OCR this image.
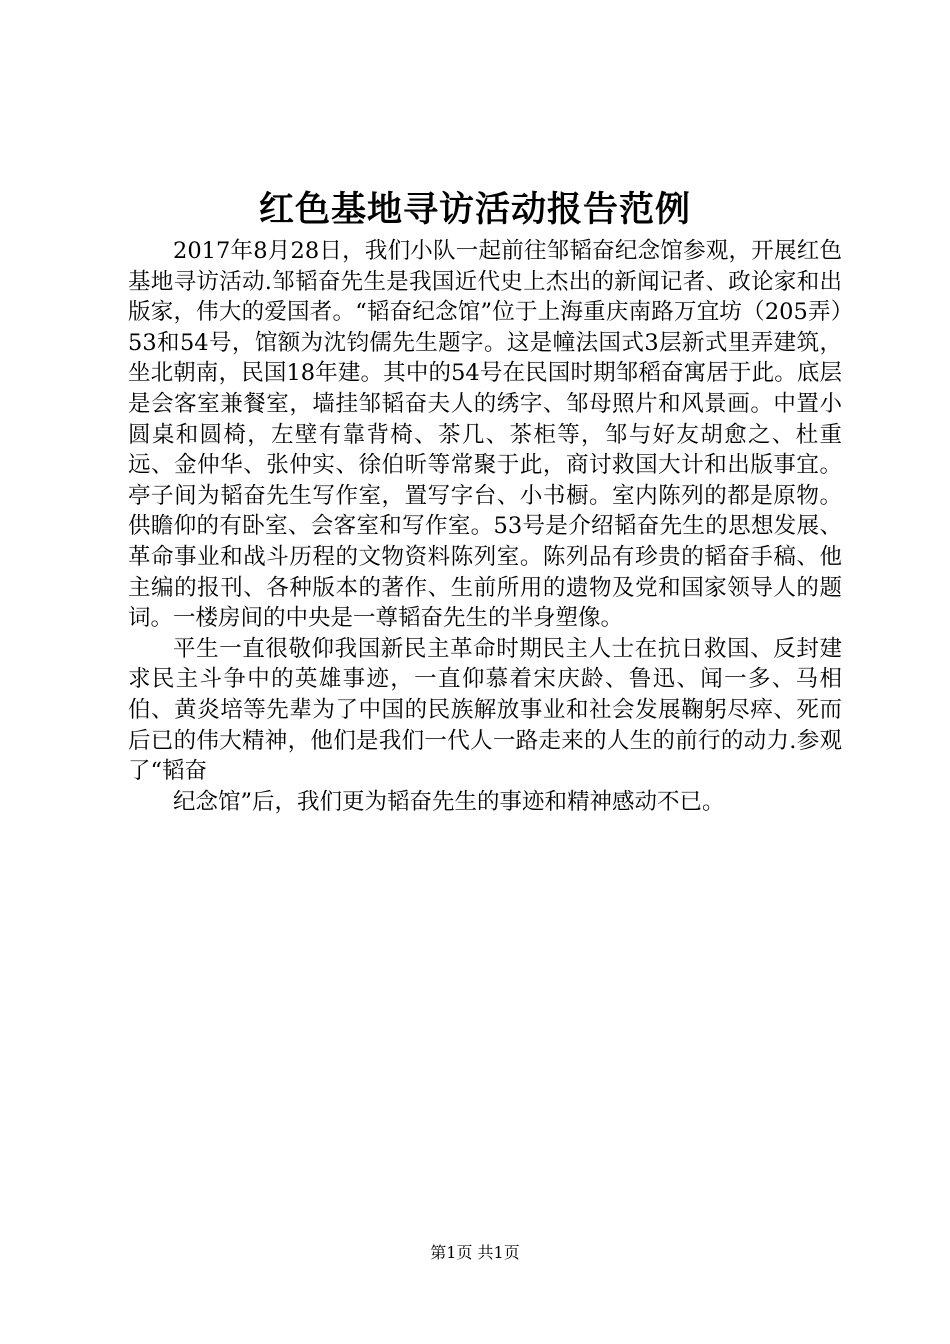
红色基地寻访活动报告范例

2017年8月28日，我们小队一起前往邹韬奋纪念馆参观，开展红色基地寻访活动.邹韬奋先生是我国近代史上杰出的新闻记者、政论家和出版家，伟大的爱国者。“韬奋纪念馆”位于上海重庆南路万宜坊（205弄）53和54号，馆额为沈钧儒先生题字。这是幢法国式3层新式里弄建筑，坐北朝南，民国18年建。其中的54号在民国时期邹稻奋寓居于此。底层是会客室兼餐室，墙挂邹韬奋夫人的绣字、邹母照片和风景画。中置小圆桌和圆椅，左壁有靠背椅、茶几、茶柜等，邹与好友胡愈之、杜重远、金仲华、张仲实、徐伯昕等常聚于此，商讨救国大计和出版事宜。亭子间为韬奋先生写作室，置写字台、小书橱。室内陈列的都是原物。供瞻仰的有卧室、会客室和写作室。53号是介绍韬奋先生的思想发展、革命事业和战斗历程的文物资料陈列室。陈列品有珍贵的韬奋手稿、他主编的报刊、各种版本的著作、生前所用的遗物及党和国家领导人的题词。一楼房间的中央是一尊韬奋先生的半身塑像。

平生一直很敬仰我国新民主革命时期民主人士在抗日救国、反封建求民主斗争中的英雄事迹，一直仰慕着宋庆龄、鲁迅、闻一多、马相伯、黄炎培等先辈为了中国的民族解放事业和社会发展鞠躬尽瘁、死而后已的伟大精神，他们是我们一代人一路走来的人生的前行的动力.参观了“韬奋

纪念馆”后，我们更为韬奋先生的事迹和精神感动不已。

第1页 共1页
